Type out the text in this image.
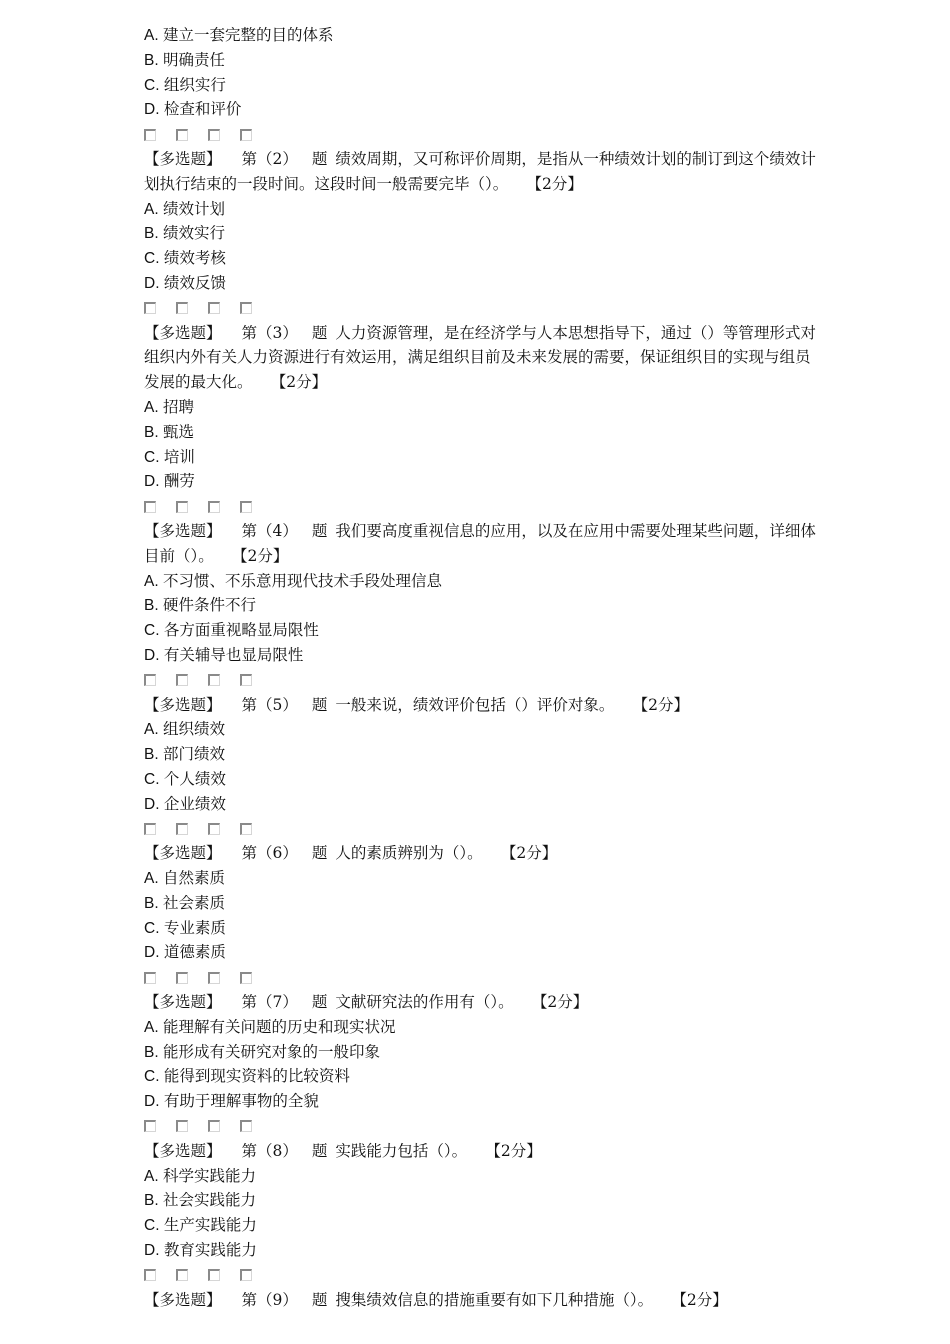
A. 建立一套完整的目的体系
B. 明确责任
C. 组织实行
D. 检查和评价
【多选题】 第（2） 题 绩效周期，又可称评价周期，是指从一种绩效计划的制订到这个绩效计划执行结束的一段时间。这段时间一般需要完毕（）。 【2分】
A. 绩效计划
B. 绩效实行
C. 绩效考核
D. 绩效反馈
【多选题】 第（3） 题 人力资源管理，是在经济学与人本思想指导下，通过（）等管理形式对组织内外有关人力资源进行有效运用，满足组织目前及未来发展的需要，保证组织目的实现与组员发展的最大化。 【2分】
A. 招聘
B. 甄选
C. 培训
D. 酬劳
【多选题】 第（4） 题 我们要高度重视信息的应用，以及在应用中需要处理某些问题，详细体目前（）。 【2分】
A. 不习惯、不乐意用现代技术手段处理信息
B. 硬件条件不行
C. 各方面重视略显局限性
D. 有关辅导也显局限性
【多选题】 第（5） 题 一般来说，绩效评价包括（）评价对象。 【2分】
A. 组织绩效
B. 部门绩效
C. 个人绩效
D. 企业绩效
【多选题】 第（6） 题 人的素质辨别为（）。 【2分】
A. 自然素质
B. 社会素质
C. 专业素质
D. 道德素质
【多选题】 第（7） 题 文献研究法的作用有（）。 【2分】
A. 能理解有关问题的历史和现实状况
B. 能形成有关研究对象的一般印象
C. 能得到现实资料的比较资料
D. 有助于理解事物的全貌
【多选题】 第（8） 题 实践能力包括（）。 【2分】
A. 科学实践能力
B. 社会实践能力
C. 生产实践能力
D. 教育实践能力
【多选题】 第（9） 题 搜集绩效信息的措施重要有如下几种措施（）。 【2分】
